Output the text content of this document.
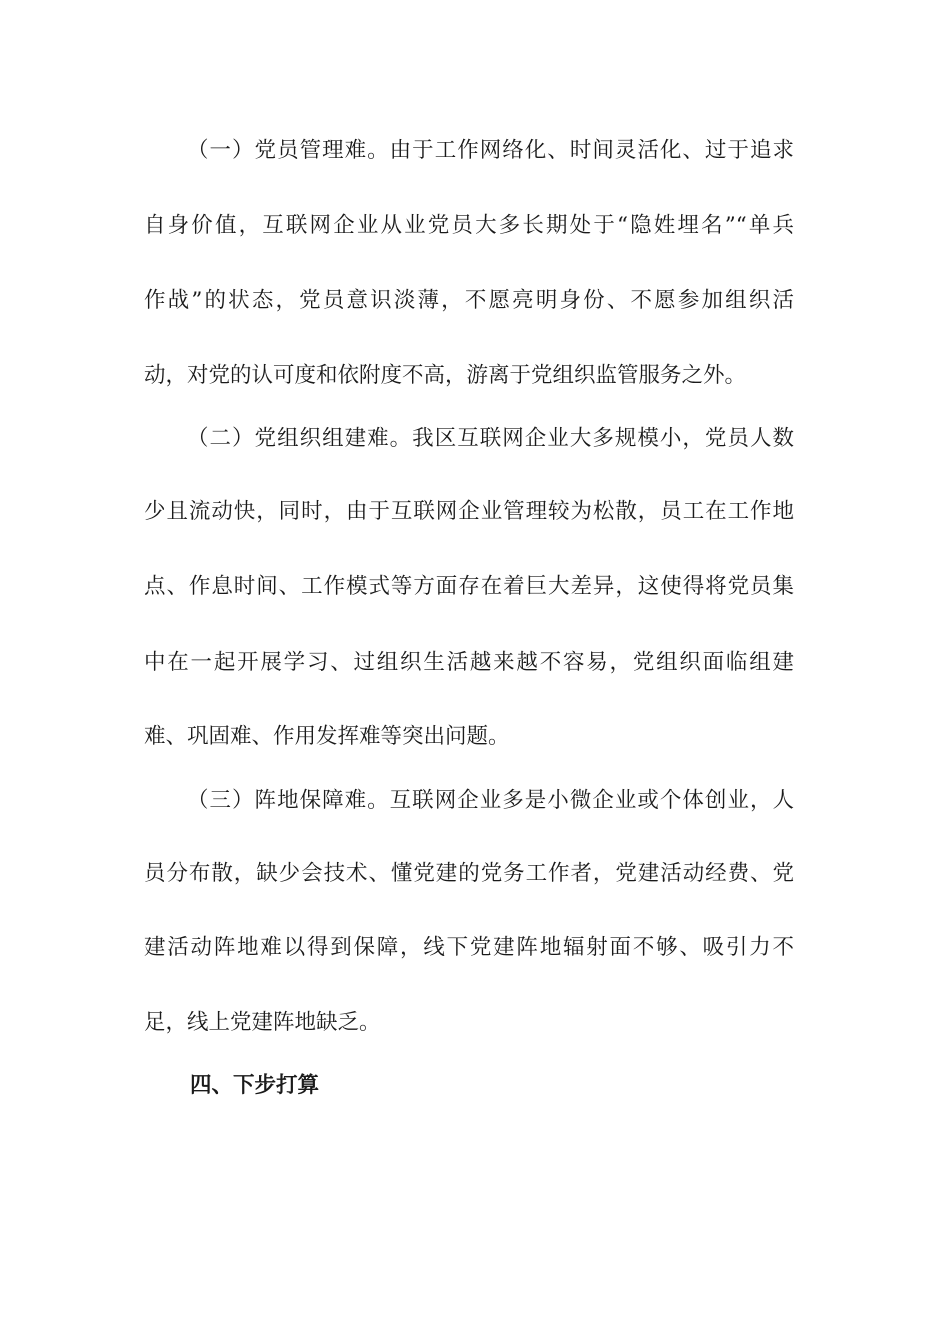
（一）党员管理难。由于工作网络化、时间灵活化、过于追求
自身价值，互联网企业从业党员大多长期处于“隐姓埋名”“单兵
作战”的状态，党员意识淡薄，不愿亮明身份、不愿参加组织活
动，对党的认可度和依附度不高，游离于党组织监管服务之外。
（二）党组织组建难。我区互联网企业大多规模小，党员人数
少且流动快，同时，由于互联网企业管理较为松散，员工在工作地
点、作息时间、工作模式等方面存在着巨大差异，这使得将党员集
中在一起开展学习、过组织生活越来越不容易，党组织面临组建
难、巩固难、作用发挥难等突出问题。
（三）阵地保障难。互联网企业多是小微企业或个体创业，人
员分布散，缺少会技术、懂党建的党务工作者，党建活动经费、党
建活动阵地难以得到保障，线下党建阵地辐射面不够、吸引力不
足，线上党建阵地缺乏。
四、下步打算
